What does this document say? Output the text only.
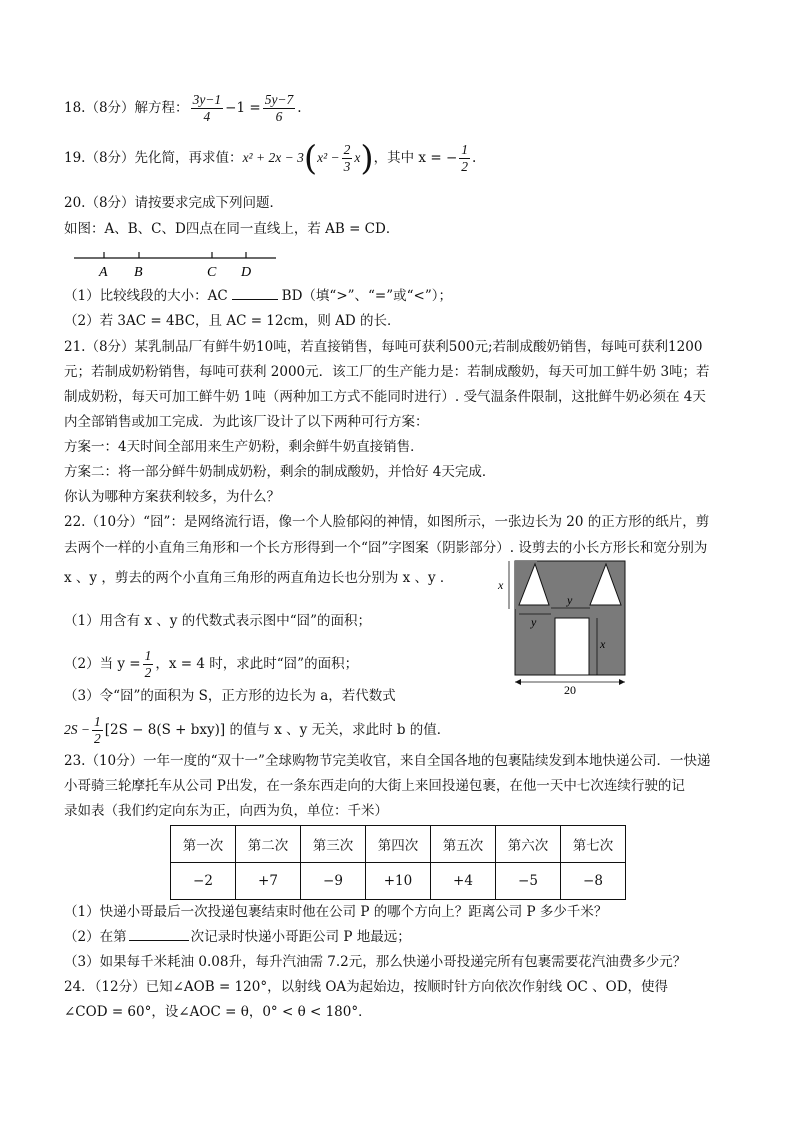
18.（8分）解方程： $\frac{3y-1}{4} -1 = \frac{5y-7}{6}$ .
19.（8分）先化简，再求值：$x^2 + 2x - 3(x^2 - \frac{2}{3} x)$，其中 x = − $\frac{1}{2}$ .
20.（8分）请按要求完成下列问题．
如图：A、B、C、D四点在同一直线上，若 AB = CD．
A B	C D
（1）比较线段的大小：AC	BD（填“>”、“=”或“<”）；
（2）若 3AC = 4BC，且 AC = 12cm，则 AD 的长．
21.（8分）某乳制品厂有鲜牛奶10吨，若直接销售，每吨可获利500元;若制成酸奶销售，每吨可获利1200
元；若制成奶粉销售，每吨可获利 2000元．该工厂的生产能力是：若制成酸奶，每天可加工鲜牛奶 3吨；若
制成奶粉，每天可加工鲜牛奶 1吨（两种加工方式不能同时进行）. 受气温条件限制，这批鲜牛奶必须在 4天
内全部销售或加工完成．为此该厂设计了以下两种可行方案：
方案一：4天时间全部用来生产奶粉，剩余鲜牛奶直接销售．
方案二：将一部分鲜牛奶制成奶粉，剩余的制成酸奶，并恰好 4天完成．
你认为哪种方案获利较多，为什么？
22.（10分）“囧”：是网络流行语，像一个人脸郁闷的神情，如图所示，一张边长为 20 的正方形的纸片，剪
去两个一样的小直角三角形和一个长方形得到一个“囧”字图案（阴影部分）. 设剪去的小长方形长和宽分别为
x 、y ，剪去的两个小直角三角形的两直角边长也分别为 x 、y ．
（1）用含有 x 、y 的代数式表示图中“囧”的面积；
（2）当 $y = \frac{1}{2}$ ，x = 4 时，求此时“囧”的面积；
（3）令“囧”的面积为 S，正方形的边长为 a，若代数式
$2S - \frac{1}{2} [2S - 8(S + bxy)]$ 的值与 x 、y 无关，求此时 b 的值．
x
y
y
x
20
23.（10分）一年一度的“双十一”全球购物节完美收官，来自全国各地的包裹陆续发到本地快递公司．一快递
小哥骑三轮摩托车从公司 P出发，在一条东西走向的大街上来回投递包裹，在他一天中七次连续行驶的记
录如表（我们约定向东为正，向西为负，单位：千米）
第一次	第二次	第三次	第四次	第五次	第六次	第七次
−2	+7	−9	+10	+4	−5	−8
（1）快递小哥最后一次投递包裹结束时他在公司 P 的哪个方向上？距离公司 P 多少千米？
（2）在第	次记录时快递小哥距公司 P 地最远；
（3）如果每千米耗油 0.08升，每升汽油需 7.2元，那么快递小哥投递完所有包裹需要花汽油费多少元？
24．（12分）已知∠AOB = 120°，以射线 OA为起始边，按顺时针方向依次作射线 OC 、OD，使得
∠COD = 60°，设∠AOC = θ，0° < θ < 180°．
